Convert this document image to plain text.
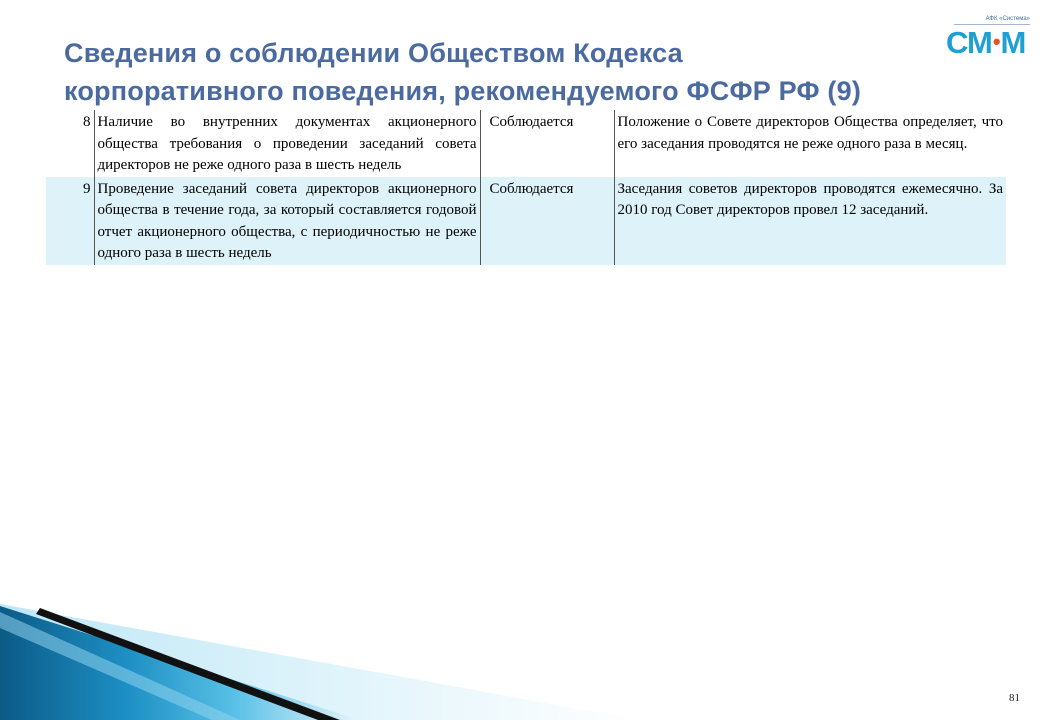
Сведения о соблюдении Обществом Кодекса
корпоративного поведения, рекомендуемого ФСФР РФ (9)
АФК «Система»
СМ•М
8	Наличие во внутренних документах акционерного общества требования о проведении заседаний совета директоров не реже одного раза в шесть недель	Соблюдается	Положение о Совете директоров Общества определяет, что его заседания проводятся не реже одного раза в месяц.
9	Проведение заседаний совета директоров акционерного общества в течение года, за который составляется годовой отчет акционерного общества, с периодичностью не реже одного раза в шесть недель	Соблюдается	Заседания советов директоров проводятся ежемесячно. За 2010 год Совет директоров провел 12 заседаний.
81
